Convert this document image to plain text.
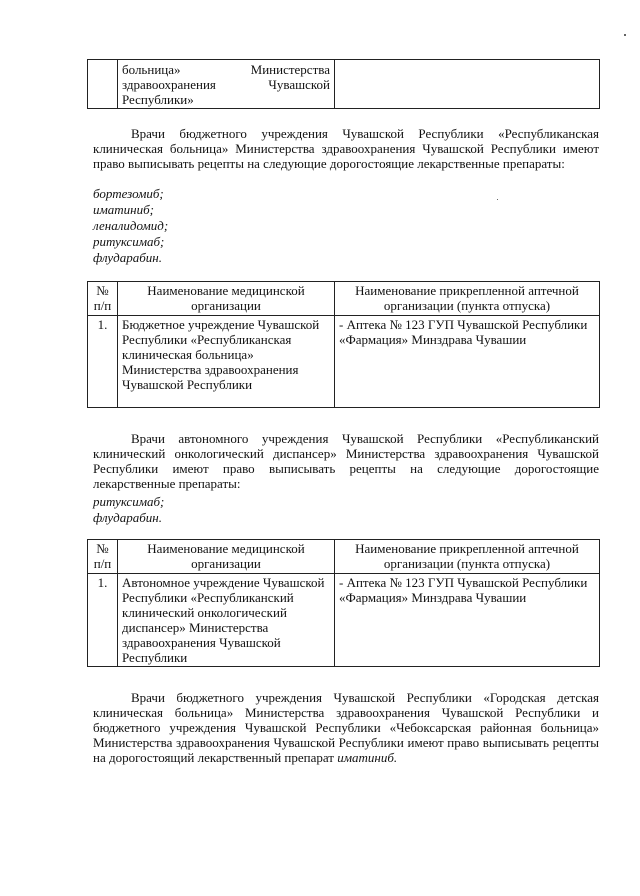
	больница» Министерства здравоохранения Чувашской Республики»	

Врачи бюджетного учреждения Чувашской Республики «Республиканская клиническая больница» Министерства здравоохранения Чувашской Республики имеют право выписывать рецепты на следующие дорогостоящие лекарственные препараты:

бортезомиб;
иматиниб;
леналидомид;
ритуксимаб;
флударабин.
№ п/п	Наименование медицинской организации	Наименование прикрепленной аптечной организации (пункта отпуска)
1.	Бюджетное учреждение Чувашской Республики «Республиканская клиническая больница» Министерства здравоохранения Чувашской Республики	- Аптека № 123 ГУП Чувашской Республики «Фармация» Минздрава Чувашии

Врачи автономного учреждения Чувашской Республики «Республиканский клинический онкологический диспансер» Министерства здравоохранения Чувашской Республики имеют право выписывать рецепты на следующие дорогостоящие лекарственные препараты:

ритуксимаб;
флударабин.
№ п/п	Наименование медицинской организации	Наименование прикрепленной аптечной организации (пункта отпуска)
1.	Автономное учреждение Чувашской Республики «Республиканский клинический онкологический диспансер» Министерства здравоохранения Чувашской Республики	- Аптека № 123 ГУП Чувашской Республики «Фармация» Минздрава Чувашии

Врачи бюджетного учреждения Чувашской Республики «Городская детская клиническая больница» Министерства здравоохранения Чувашской Республики и бюджетного учреждения Чувашской Республики «Чебоксарская районная больница» Министерства здравоохранения Чувашской Республики имеют право выписывать рецепты на дорогостоящий лекарственный препарат иматиниб.
